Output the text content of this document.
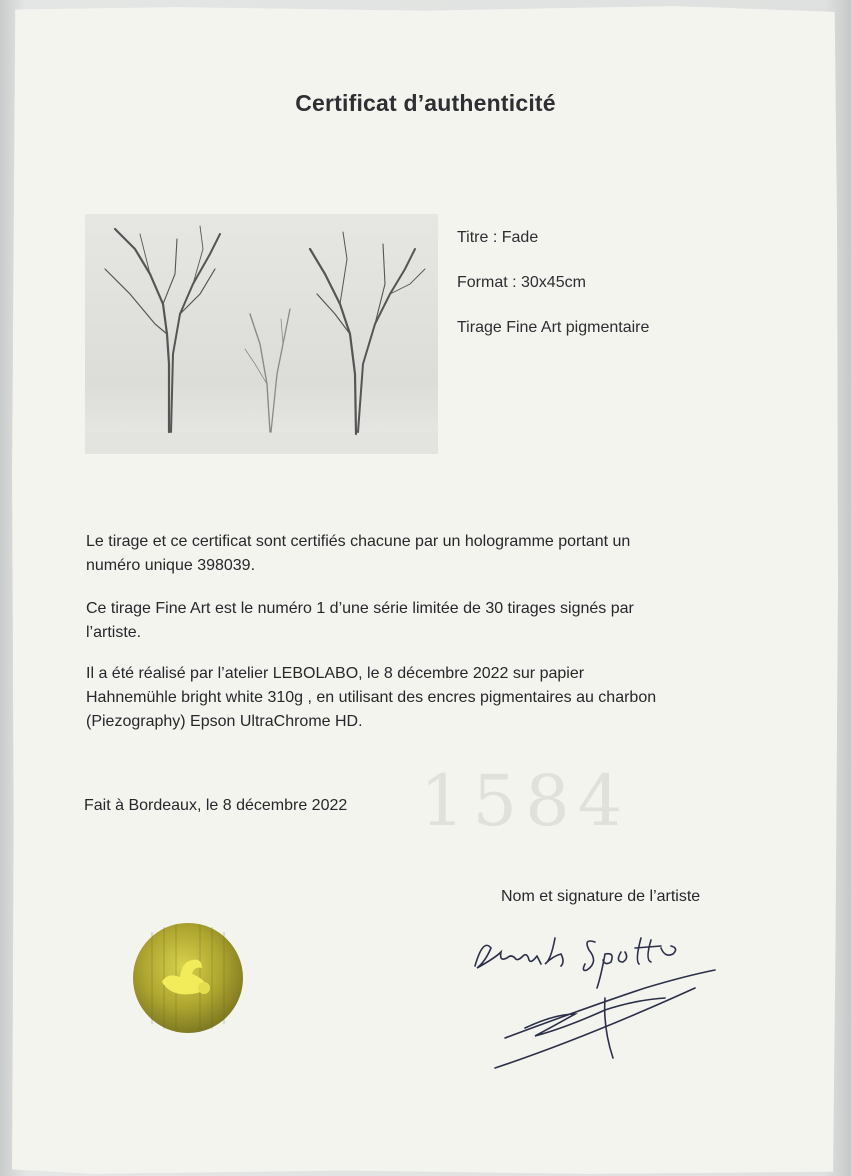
1584
Certificat d’authenticité
Titre : Fade
Format : 30x45cm
Tirage Fine Art pigmentaire
Le tirage et ce certificat sont certifiés chacune par un hologramme portant un
numéro unique 398039.
Ce tirage Fine Art est le numéro 1 d’une série limitée de 30 tirages signés par
l’artiste.
Il a été réalisé par l’atelier LEBOLABO, le 8 décembre 2022 sur papier
Hahnemühle bright white 310g , en utilisant des encres pigmentaires au charbon
(Piezography) Epson UltraChrome HD.
Fait à Bordeaux, le 8 décembre 2022
Nom et signature de l’artiste
